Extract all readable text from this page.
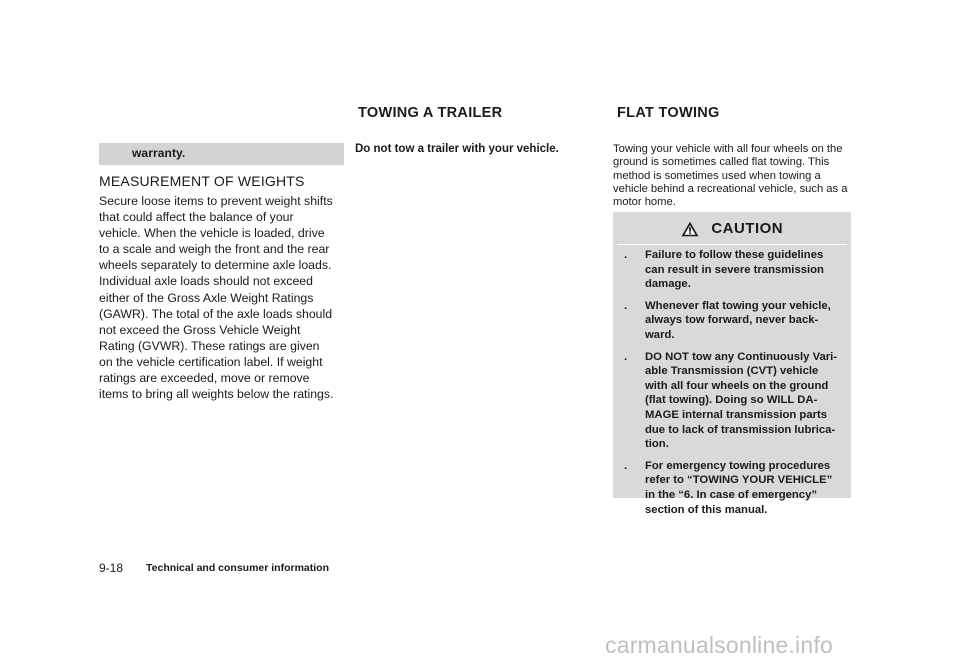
warranty.
MEASUREMENT OF WEIGHTS
Secure loose items to prevent weight shifts
that could affect the balance of your
vehicle. When the vehicle is loaded, drive
to a scale and weigh the front and the rear
wheels separately to determine axle loads.
Individual axle loads should not exceed
either of the Gross Axle Weight Ratings
(GAWR). The total of the axle loads should
not exceed the Gross Vehicle Weight
Rating (GVWR). These ratings are given
on the vehicle certification label. If weight
ratings are exceeded, move or remove
items to bring all weights below the ratings.
TOWING A TRAILER
Do not tow a trailer with your vehicle.
FLAT TOWING
Towing your vehicle with all four wheels on the
ground is sometimes called flat towing. This
method is sometimes used when towing a
vehicle behind a recreational vehicle, such as a
motor home.
CAUTION
. Failure to follow these guidelines
can result in severe transmission
damage.
. Whenever flat towing your vehicle,
always tow forward, never back-
ward.
. DO NOT tow any Continuously Vari-
able Transmission (CVT) vehicle
with all four wheels on the ground
(flat towing). Doing so WILL DA-
MAGE internal transmission parts
due to lack of transmission lubrica-
tion.
. For emergency towing procedures
refer to “TOWING YOUR VEHICLE”
in the “6. In case of emergency”
section of this manual.
9-18 Technical and consumer information
carmanualsonline.info
